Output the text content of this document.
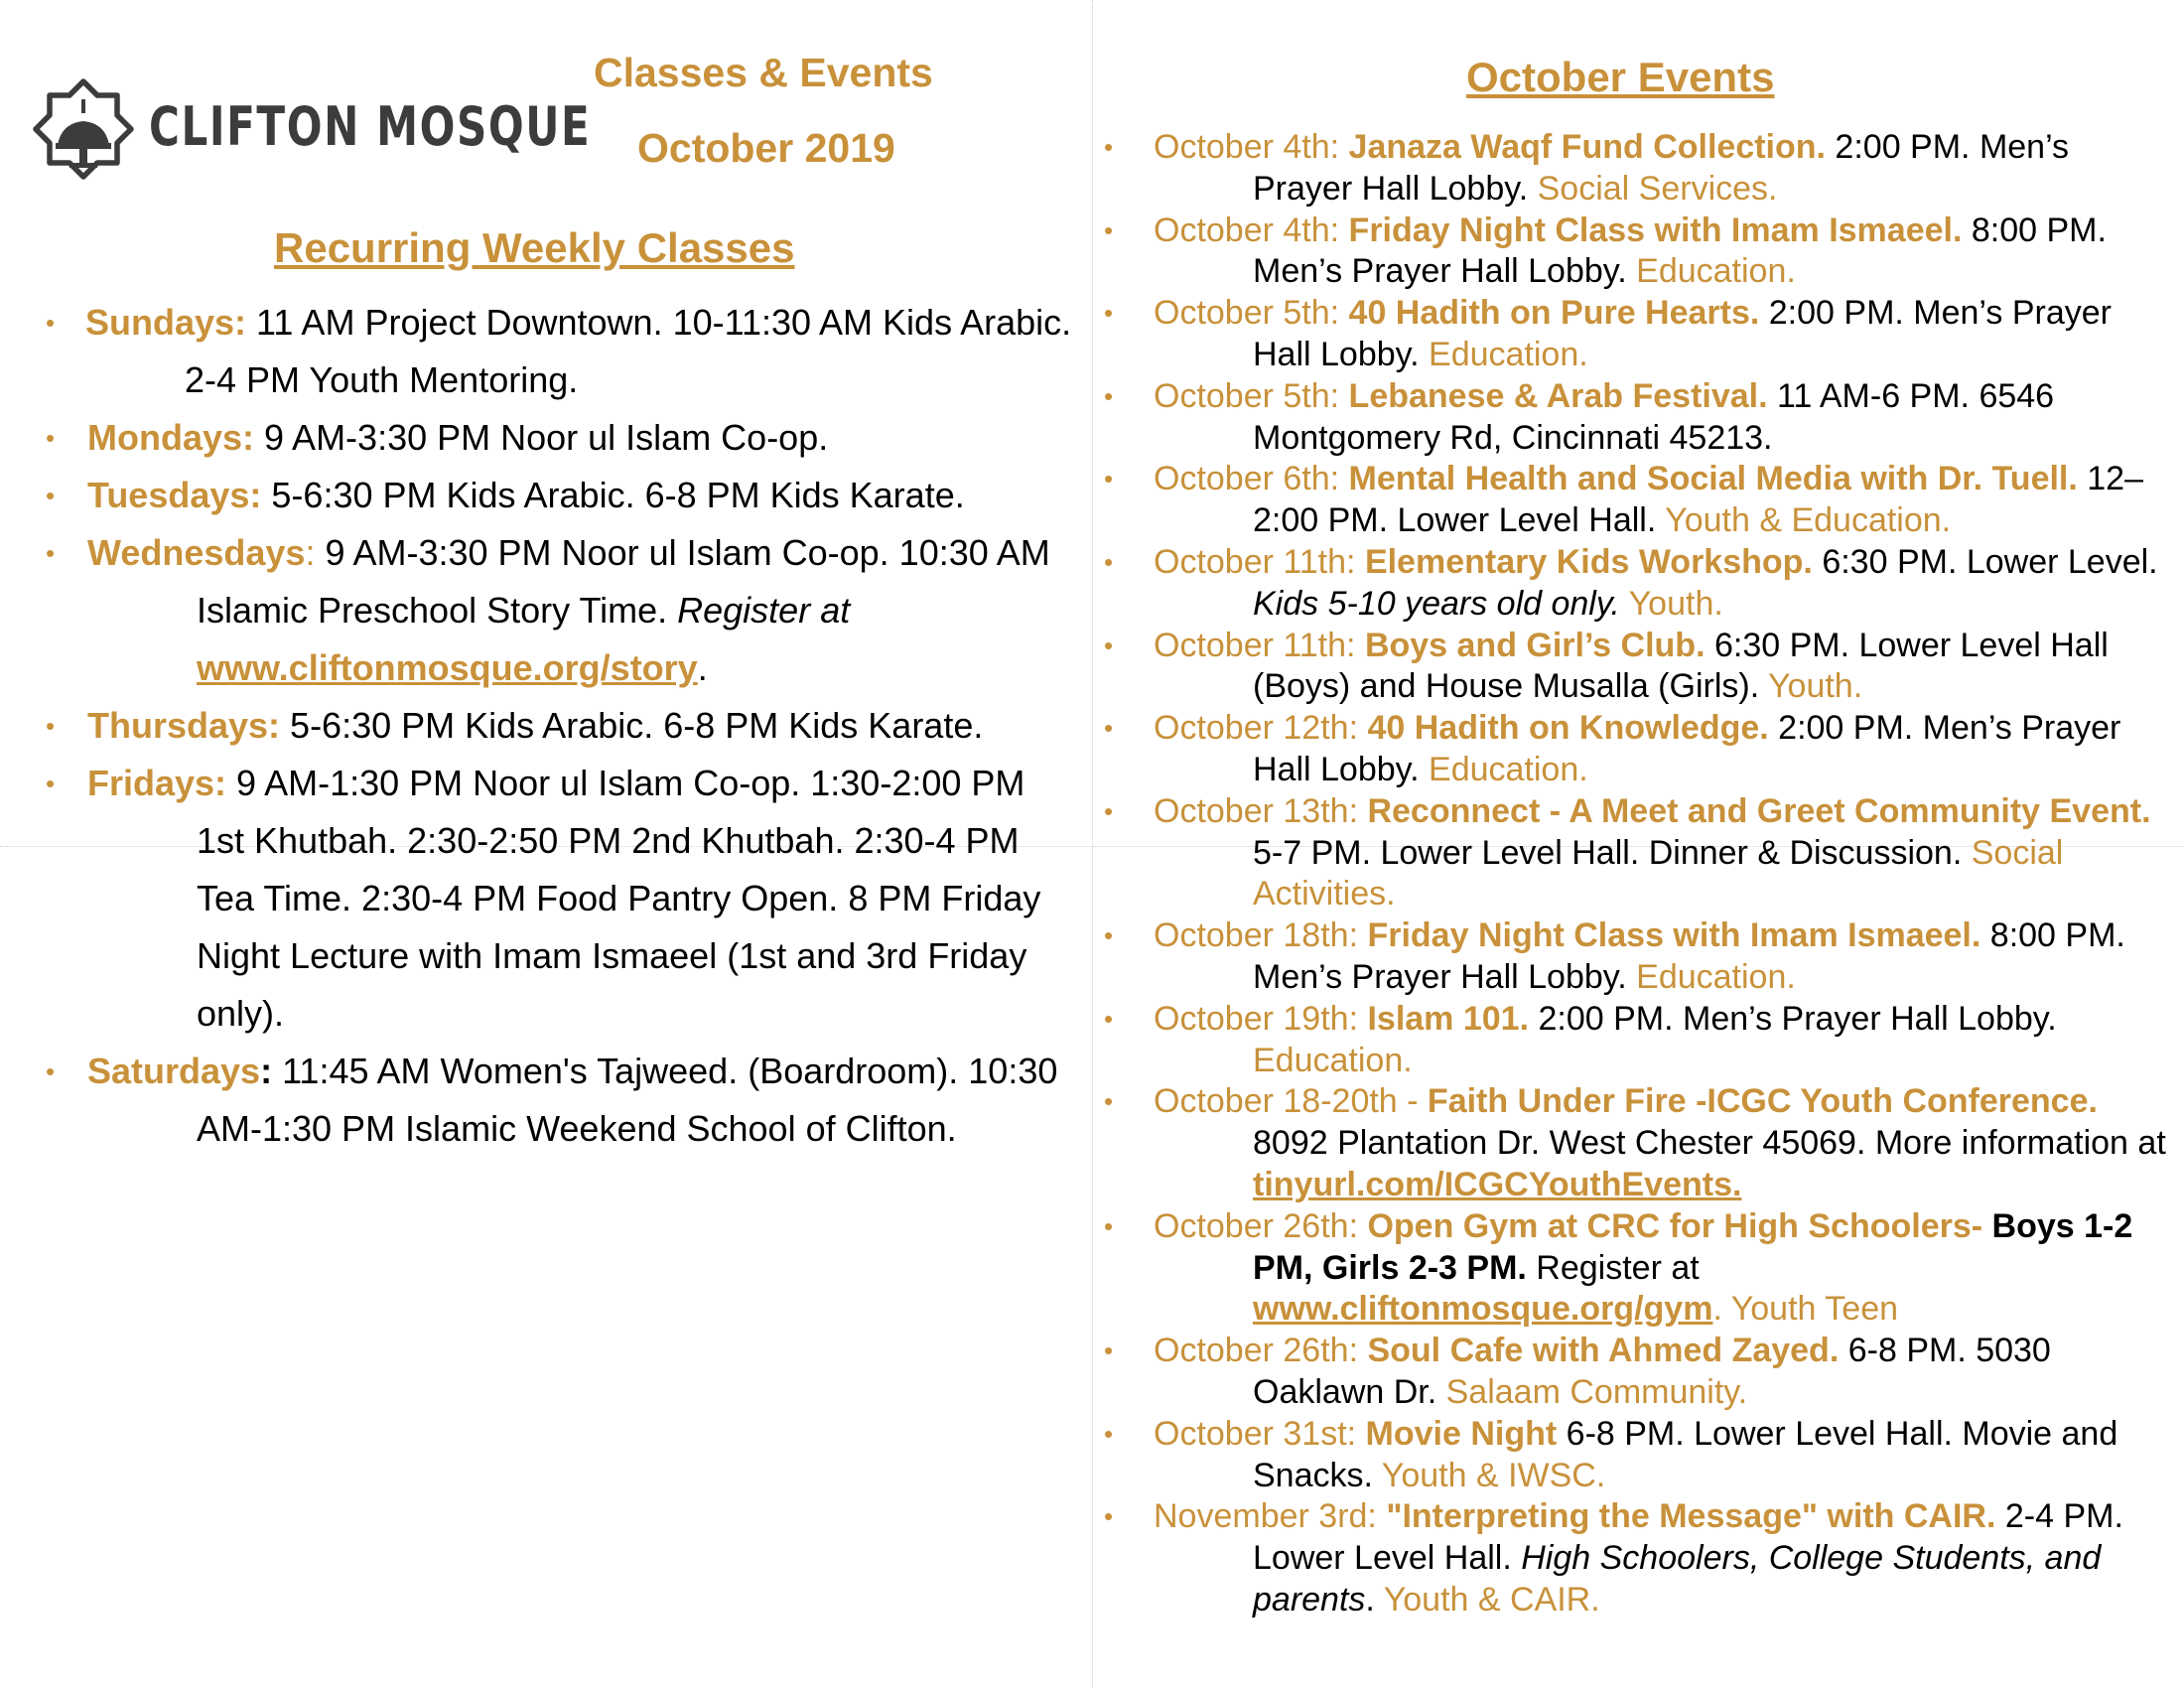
CLIFTON MOSQUE
Classes & Events
October 2019
Recurring Weekly Classes
October Events
• Sundays: 11 AM Project Downtown. 10-11:30 AM Kids Arabic. 2-4 PM Youth Mentoring.
• Mondays: 9 AM-3:30 PM Noor ul Islam Co-op.
• Tuesdays: 5-6:30 PM Kids Arabic. 6-8 PM Kids Karate.
• Wednesdays: 9 AM-3:30 PM Noor ul Islam Co-op. 10:30 AM Islamic Preschool Story Time. Register at www.cliftonmosque.org/story.
• Thursdays: 5-6:30 PM Kids Arabic. 6-8 PM Kids Karate.
• Fridays: 9 AM-1:30 PM Noor ul Islam Co-op. 1:30-2:00 PM 1st Khutbah. 2:30-2:50 PM 2nd Khutbah. 2:30-4 PM Tea Time. 2:30-4 PM Food Pantry Open. 8 PM Friday Night Lecture with Imam Ismaeel (1st and 3rd Friday only).
• Saturdays: 11:45 AM Women's Tajweed. (Boardroom). 10:30 AM-1:30 PM Islamic Weekend School of Clifton.
• October 4th: Janaza Waqf Fund Collection. 2:00 PM. Men’s Prayer Hall Lobby. Social Services.
• October 4th: Friday Night Class with Imam Ismaeel. 8:00 PM. Men’s Prayer Hall Lobby. Education.
• October 5th: 40 Hadith on Pure Hearts. 2:00 PM. Men’s Prayer Hall Lobby. Education.
• October 5th: Lebanese & Arab Festival. 11 AM-6 PM. 6546 Montgomery Rd, Cincinnati 45213.
• October 6th: Mental Health and Social Media with Dr. Tuell. 12–2:00 PM. Lower Level Hall. Youth & Education.
• October 11th: Elementary Kids Workshop. 6:30 PM. Lower Level. Kids 5-10 years old only. Youth.
• October 11th: Boys and Girl’s Club. 6:30 PM. Lower Level Hall (Boys) and House Musalla (Girls). Youth.
• October 12th: 40 Hadith on Knowledge. 2:00 PM. Men’s Prayer Hall Lobby. Education.
• October 13th: Reconnect - A Meet and Greet Community Event. 5-7 PM. Lower Level Hall. Dinner & Discussion. Social Activities.
• October 18th: Friday Night Class with Imam Ismaeel. 8:00 PM. Men’s Prayer Hall Lobby. Education.
• October 19th: Islam 101. 2:00 PM. Men’s Prayer Hall Lobby. Education.
• October 18-20th - Faith Under Fire -ICGC Youth Conference. 8092 Plantation Dr. West Chester 45069. More information at tinyurl.com/ICGCYouthEvents.
• October 26th: Open Gym at CRC for High Schoolers- Boys 1-2 PM, Girls 2-3 PM. Register at www.cliftonmosque.org/gym. Youth Teen
• October 26th: Soul Cafe with Ahmed Zayed. 6-8 PM. 5030 Oaklawn Dr. Salaam Community.
• October 31st: Movie Night 6-8 PM. Lower Level Hall. Movie and Snacks. Youth & IWSC.
• November 3rd: "Interpreting the Message" with CAIR. 2-4 PM. Lower Level Hall. High Schoolers, College Students, and parents. Youth & CAIR.
